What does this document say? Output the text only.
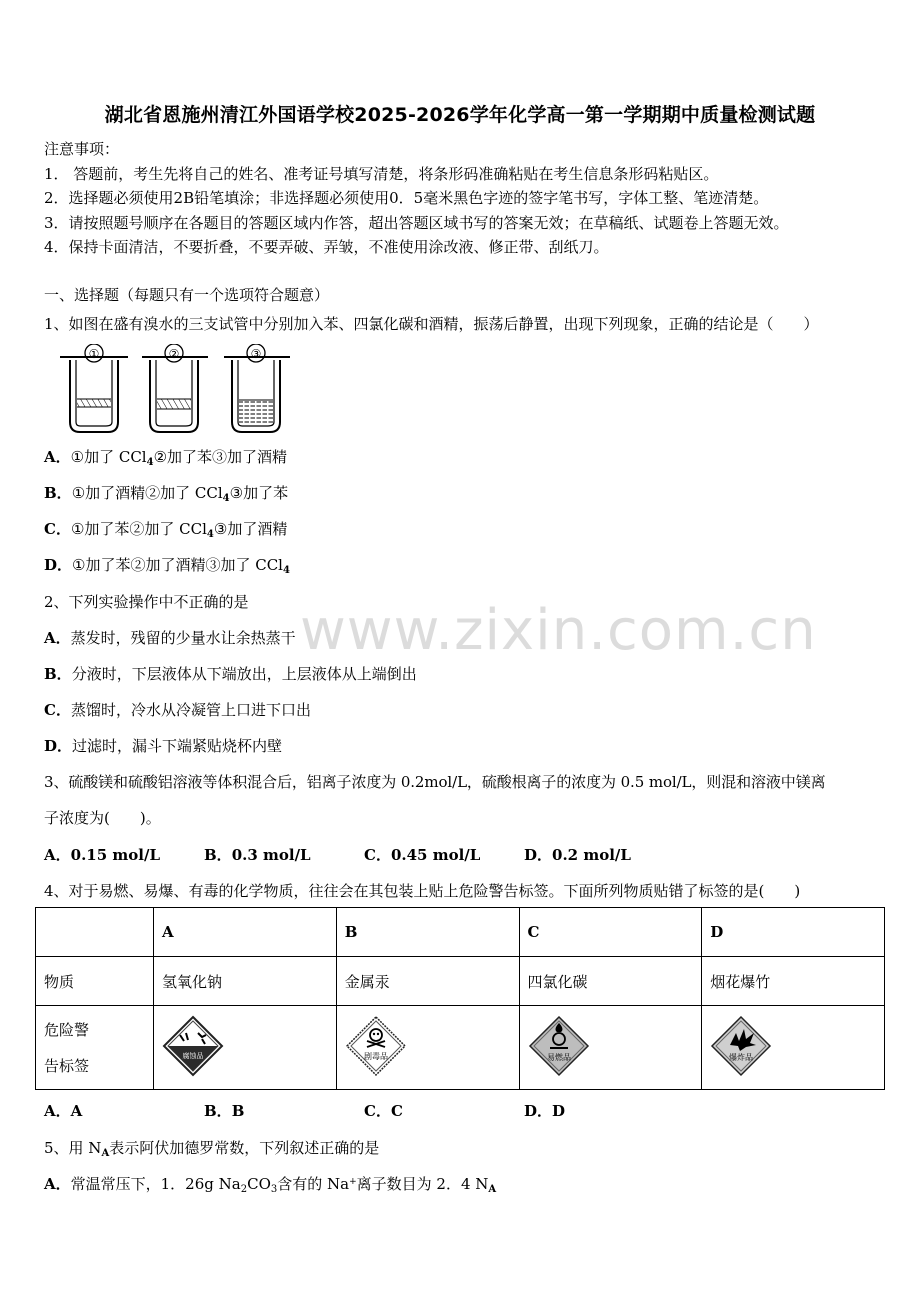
湖北省恩施州清江外国语学校2025-2026学年化学高一第一学期期中质量检测试题
注意事项：
1． 答题前，考生先将自己的姓名、准考证号填写清楚，将条形码准确粘贴在考生信息条形码粘贴区。
2．选择题必须使用2B铅笔填涂；非选择题必须使用0．5毫米黑色字迹的签字笔书写，字体工整、笔迹清楚。
3．请按照题号顺序在各题目的答题区域内作答，超出答题区域书写的答案无效；在草稿纸、试题卷上答题无效。
4．保持卡面清洁，不要折叠，不要弄破、弄皱，不准使用涂改液、修正带、刮纸刀。
一、选择题（每题只有一个选项符合题意）
1、如图在盛有溴水的三支试管中分别加入苯、四氯化碳和酒精，振荡后静置，出现下列现象，正确的结论是（　　）
①	②	③
A．①加了 CCl$_4$②加了苯③加了酒精
B．①加了酒精②加了 CCl$_4$③加了苯
C．①加了苯②加了 CCl$_4$③加了酒精
D．①加了苯②加了酒精③加了 CCl$_4$
www.zixin.com.cn
2、下列实验操作中不正确的是
A．蒸发时，残留的少量水让余热蒸干
B．分液时，下层液体从下端放出，上层液体从上端倒出
C．蒸馏时，冷水从冷凝管上口进下口出
D．过滤时，漏斗下端紧贴烧杯内壁
3、硫酸镁和硫酸铝溶液等体积混合后，铝离子浓度为 0.2mol/L，硫酸根离子的浓度为 0.5 mol/L，则混和溶液中镁离
子浓度为(　　)。
A．0.15 mol/L	B．0.3 mol/L	C．0.45 mol/L	D．0.2 mol/L
4、对于易燃、易爆、有毒的化学物质，往往会在其包装上贴上危险警告标签。下面所列物质贴错了标签的是(　　)
	A	B	C	D
物质	氢氧化钠	金属汞	四氯化碳	烟花爆竹

危险警
告标签	腐蚀品	剧毒品	易燃品	爆炸品
A．A	B．B	C．C	D．D
5、用 $N_A$表示阿伏加德罗常数，下列叙述正确的是
A．常温常压下，1．26g $Na_2CO_3$含有的 Na+离子数目为 2．4 $N_A$
